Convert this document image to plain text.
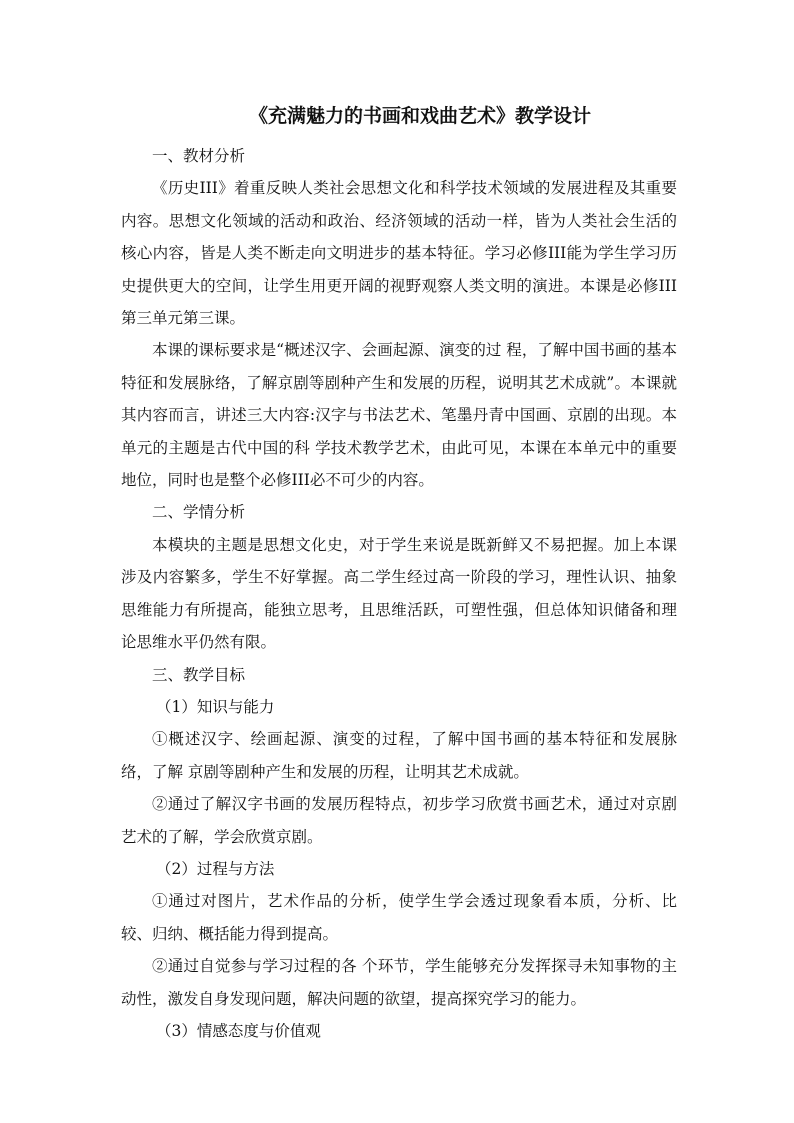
《充满魅力的书画和戏曲艺术》教学设计

一、教材分析

《历史III》着重反映人类社会思想文化和科学技术领域的发展进程及其重要内容。思想文化领域的活动和政治、经济领域的活动一样，皆为人类社会生活的核心内容，皆是人类不断走向文明进步的基本特征。学习必修III能为学生学习历史提供更大的空间，让学生用更开阔的视野观察人类文明的演进。本课是必修III第三单元第三课。

本课的课标要求是“概述汉字、会画起源、演变的过 程，了解中国书画的基本特征和发展脉络，了解京剧等剧种产生和发展的历程，说明其艺术成就”。本课就其内容而言，讲述三大内容:汉字与书法艺术、笔墨丹青中国画、京剧的出现。本单元的主题是古代中国的科 学技术教学艺术，由此可见，本课在本单元中的重要地位，同时也是整个必修III必不可少的内容。

二、学情分析

本模块的主题是思想文化史，对于学生来说是既新鲜又不易把握。加上本课涉及内容繁多，学生不好掌握。高二学生经过高一阶段的学习，理性认识、抽象思维能力有所提高，能独立思考，且思维活跃，可塑性强，但总体知识储备和理论思维水平仍然有限。

三、教学目标

（1）知识与能力

①概述汉字、绘画起源、演变的过程，了解中国书画的基本特征和发展脉络，了解 京剧等剧种产生和发展的历程，让明其艺术成就。

②通过了解汉字书画的发展历程特点，初步学习欣赏书画艺术，通过对京剧艺术的了解，学会欣赏京剧。

（2）过程与方法

①通过对图片，艺术作品的分析，使学生学会透过现象看本质，分析、比较、归纳、概括能力得到提高。

②通过自觉参与学习过程的各 个环节，学生能够充分发挥探寻未知事物的主动性，激发自身发现问题，解决问题的欲望，提高探究学习的能力。

（3）情感态度与价值观
